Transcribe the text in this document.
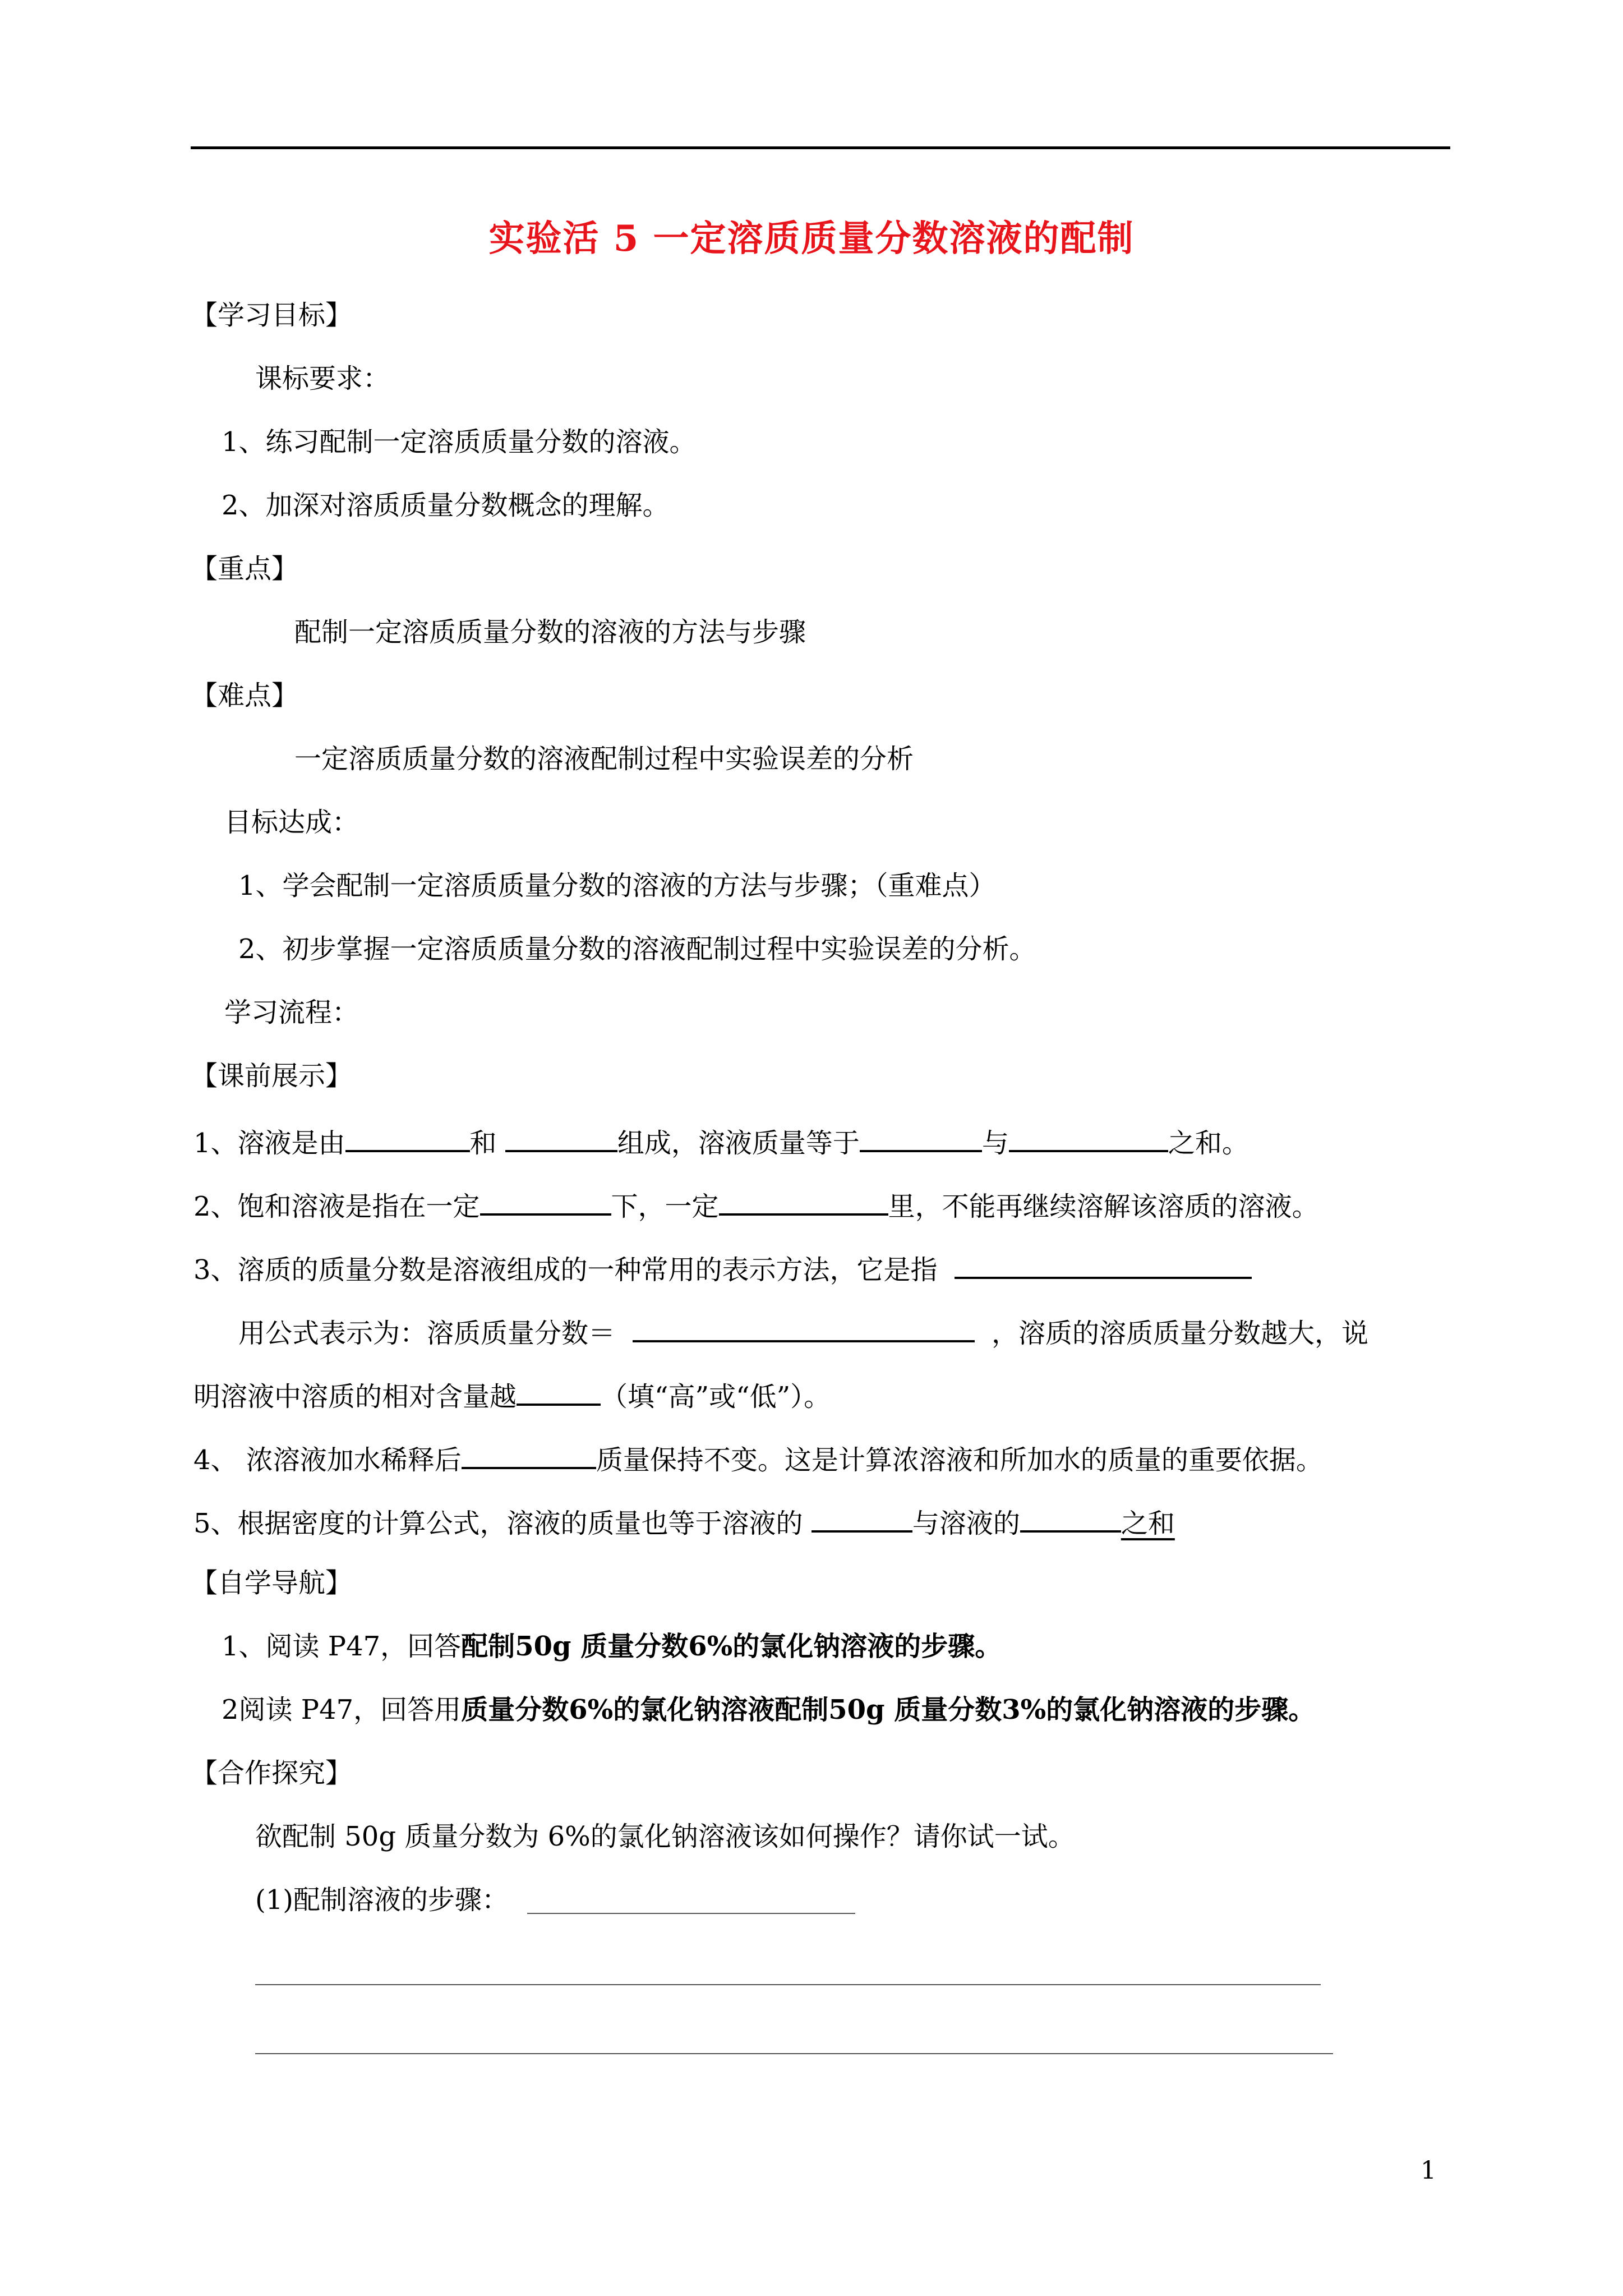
实验活 5 一定溶质质量分数溶液的配制
【学习目标】
课标要求：
1、练习配制一定溶质质量分数的溶液。
2、加深对溶质质量分数概念的理解。
【重点】
配制一定溶质质量分数的溶液的方法与步骤
【难点】
一定溶质质量分数的溶液配制过程中实验误差的分析
目标达成：
1、学会配制一定溶质质量分数的溶液的方法与步骤；（重难点）
2、初步掌握一定溶质质量分数的溶液配制过程中实验误差的分析。
学习流程：
【课前展示】
1、溶液是由	和	组成，溶液质量等于	与	之和。
2、饱和溶液是指在一定	下，一定	里，不能再继续溶解该溶质的溶液。
3、溶质的质量分数是溶液组成的一种常用的表示方法，它是指
用公式表示为：溶质质量分数＝	，溶质的溶质质量分数越大，说
明溶液中溶质的相对含量越	（填“高”或“低”）。
4、 浓溶液加水稀释后	质量保持不变。这是计算浓溶液和所加水的质量的重要依据。
5、根据密度的计算公式，溶液的质量也等于溶液的	与溶液的	之和
【自学导航】
1、阅读 P47，回答配制50g 质量分数6%的氯化钠溶液的步骤。
2阅读 P47，回答用质量分数6%的氯化钠溶液配制50g 质量分数3%的氯化钠溶液的步骤。
【合作探究】
欲配制 50g 质量分数为 6%的氯化钠溶液该如何操作？请你试一试。
(1)配制溶液的步骤：
1
